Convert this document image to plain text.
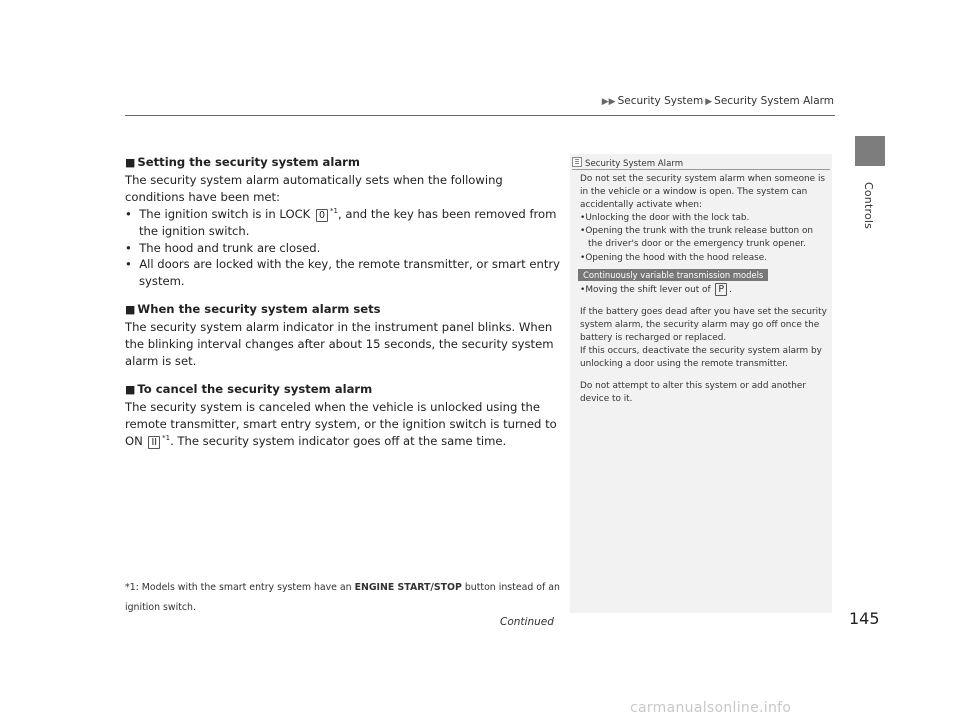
▶▶ Security System ▶ Security System Alarm
Controls

■ Setting the security system alarm

The security system alarm automatically sets when the following conditions have been met:

•  The ignition switch is in LOCK 0 $^{*1}$, and the key has been removed from the ignition switch.

•  The hood and trunk are closed.

•  All doors are locked with the key, the remote transmitter, or smart entry system.

■ When the security system alarm sets

The security system alarm indicator in the instrument panel blinks. When the blinking interval changes after about 15 seconds, the security system alarm is set.

■ To cancel the security system alarm

The security system is canceled when the vehicle is unlocked using the remote transmitter, smart entry system, or the ignition switch is turned to ON II $^{*1}$. The security system indicator goes off at the same time.

*1: Models with the smart entry system have an ENGINE START/STOP button instead of an ignition switch.
Continued	145
Security System Alarm

Do not set the security system alarm when someone is in the vehicle or a window is open. The system can accidentally activate when:

•Unlocking the door with the lock tab.

•Opening the trunk with the trunk release button on the driver's door or the emergency trunk opener.

•Opening the hood with the hood release.

Continuously variable transmission models

•Moving the shift lever out of P .

If the battery goes dead after you have set the security system alarm, the security alarm may go off once the battery is recharged or replaced.

If this occurs, deactivate the security system alarm by unlocking a door using the remote transmitter.

Do not attempt to alter this system or add another device to it.

carmanualsonline.info
